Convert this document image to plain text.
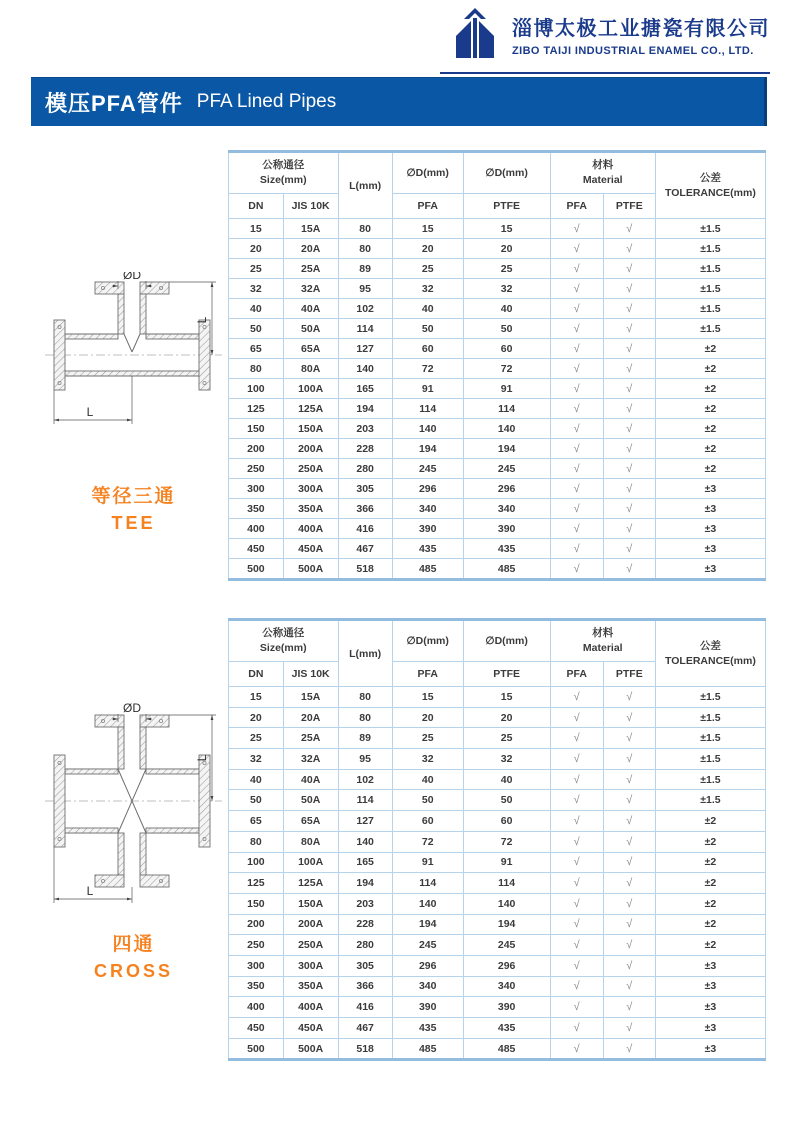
淄博太极工业搪瓷有限公司
ZIBO TAIJI INDUSTRIAL ENAMEL CO., LTD.
模压PFA管件 PFA Lined Pipes
ØD
L
L
等径三通
TEE
ØD
L
L
四通
CROSS
公称通径
Size(mm)	L(mm)	∅D(mm)	∅D(mm)	
材料
Material	公差
TOLERANCE(mm)

DN	JIS 10K		PFA	PTFE	PFA	PTFE	
15	15A	80	15	15	√	√	±1.5
20	20A	80	20	20	√	√	±1.5
25	25A	89	25	25	√	√	±1.5
32	32A	95	32	32	√	√	±1.5
40	40A	102	40	40	√	√	±1.5
50	50A	114	50	50	√	√	±1.5
65	65A	127	60	60	√	√	±2
80	80A	140	72	72	√	√	±2
100	100A	165	91	91	√	√	±2
125	125A	194	114	114	√	√	±2
150	150A	203	140	140	√	√	±2
200	200A	228	194	194	√	√	±2
250	250A	280	245	245	√	√	±2
300	300A	305	296	296	√	√	±3
350	350A	366	340	340	√	√	±3
400	400A	416	390	390	√	√	±3
450	450A	467	435	435	√	√	±3
500	500A	518	485	485	√	√	±3
公称通径
Size(mm)	L(mm)	∅D(mm)	∅D(mm)	
材料
Material	公差
TOLERANCE(mm)

DN	JIS 10K		PFA	PTFE	PFA	PTFE	
15	15A	80	15	15	√	√	±1.5
20	20A	80	20	20	√	√	±1.5
25	25A	89	25	25	√	√	±1.5
32	32A	95	32	32	√	√	±1.5
40	40A	102	40	40	√	√	±1.5
50	50A	114	50	50	√	√	±1.5
65	65A	127	60	60	√	√	±2
80	80A	140	72	72	√	√	±2
100	100A	165	91	91	√	√	±2
125	125A	194	114	114	√	√	±2
150	150A	203	140	140	√	√	±2
200	200A	228	194	194	√	√	±2
250	250A	280	245	245	√	√	±2
300	300A	305	296	296	√	√	±3
350	350A	366	340	340	√	√	±3
400	400A	416	390	390	√	√	±3
450	450A	467	435	435	√	√	±3
500	500A	518	485	485	√	√	±3
